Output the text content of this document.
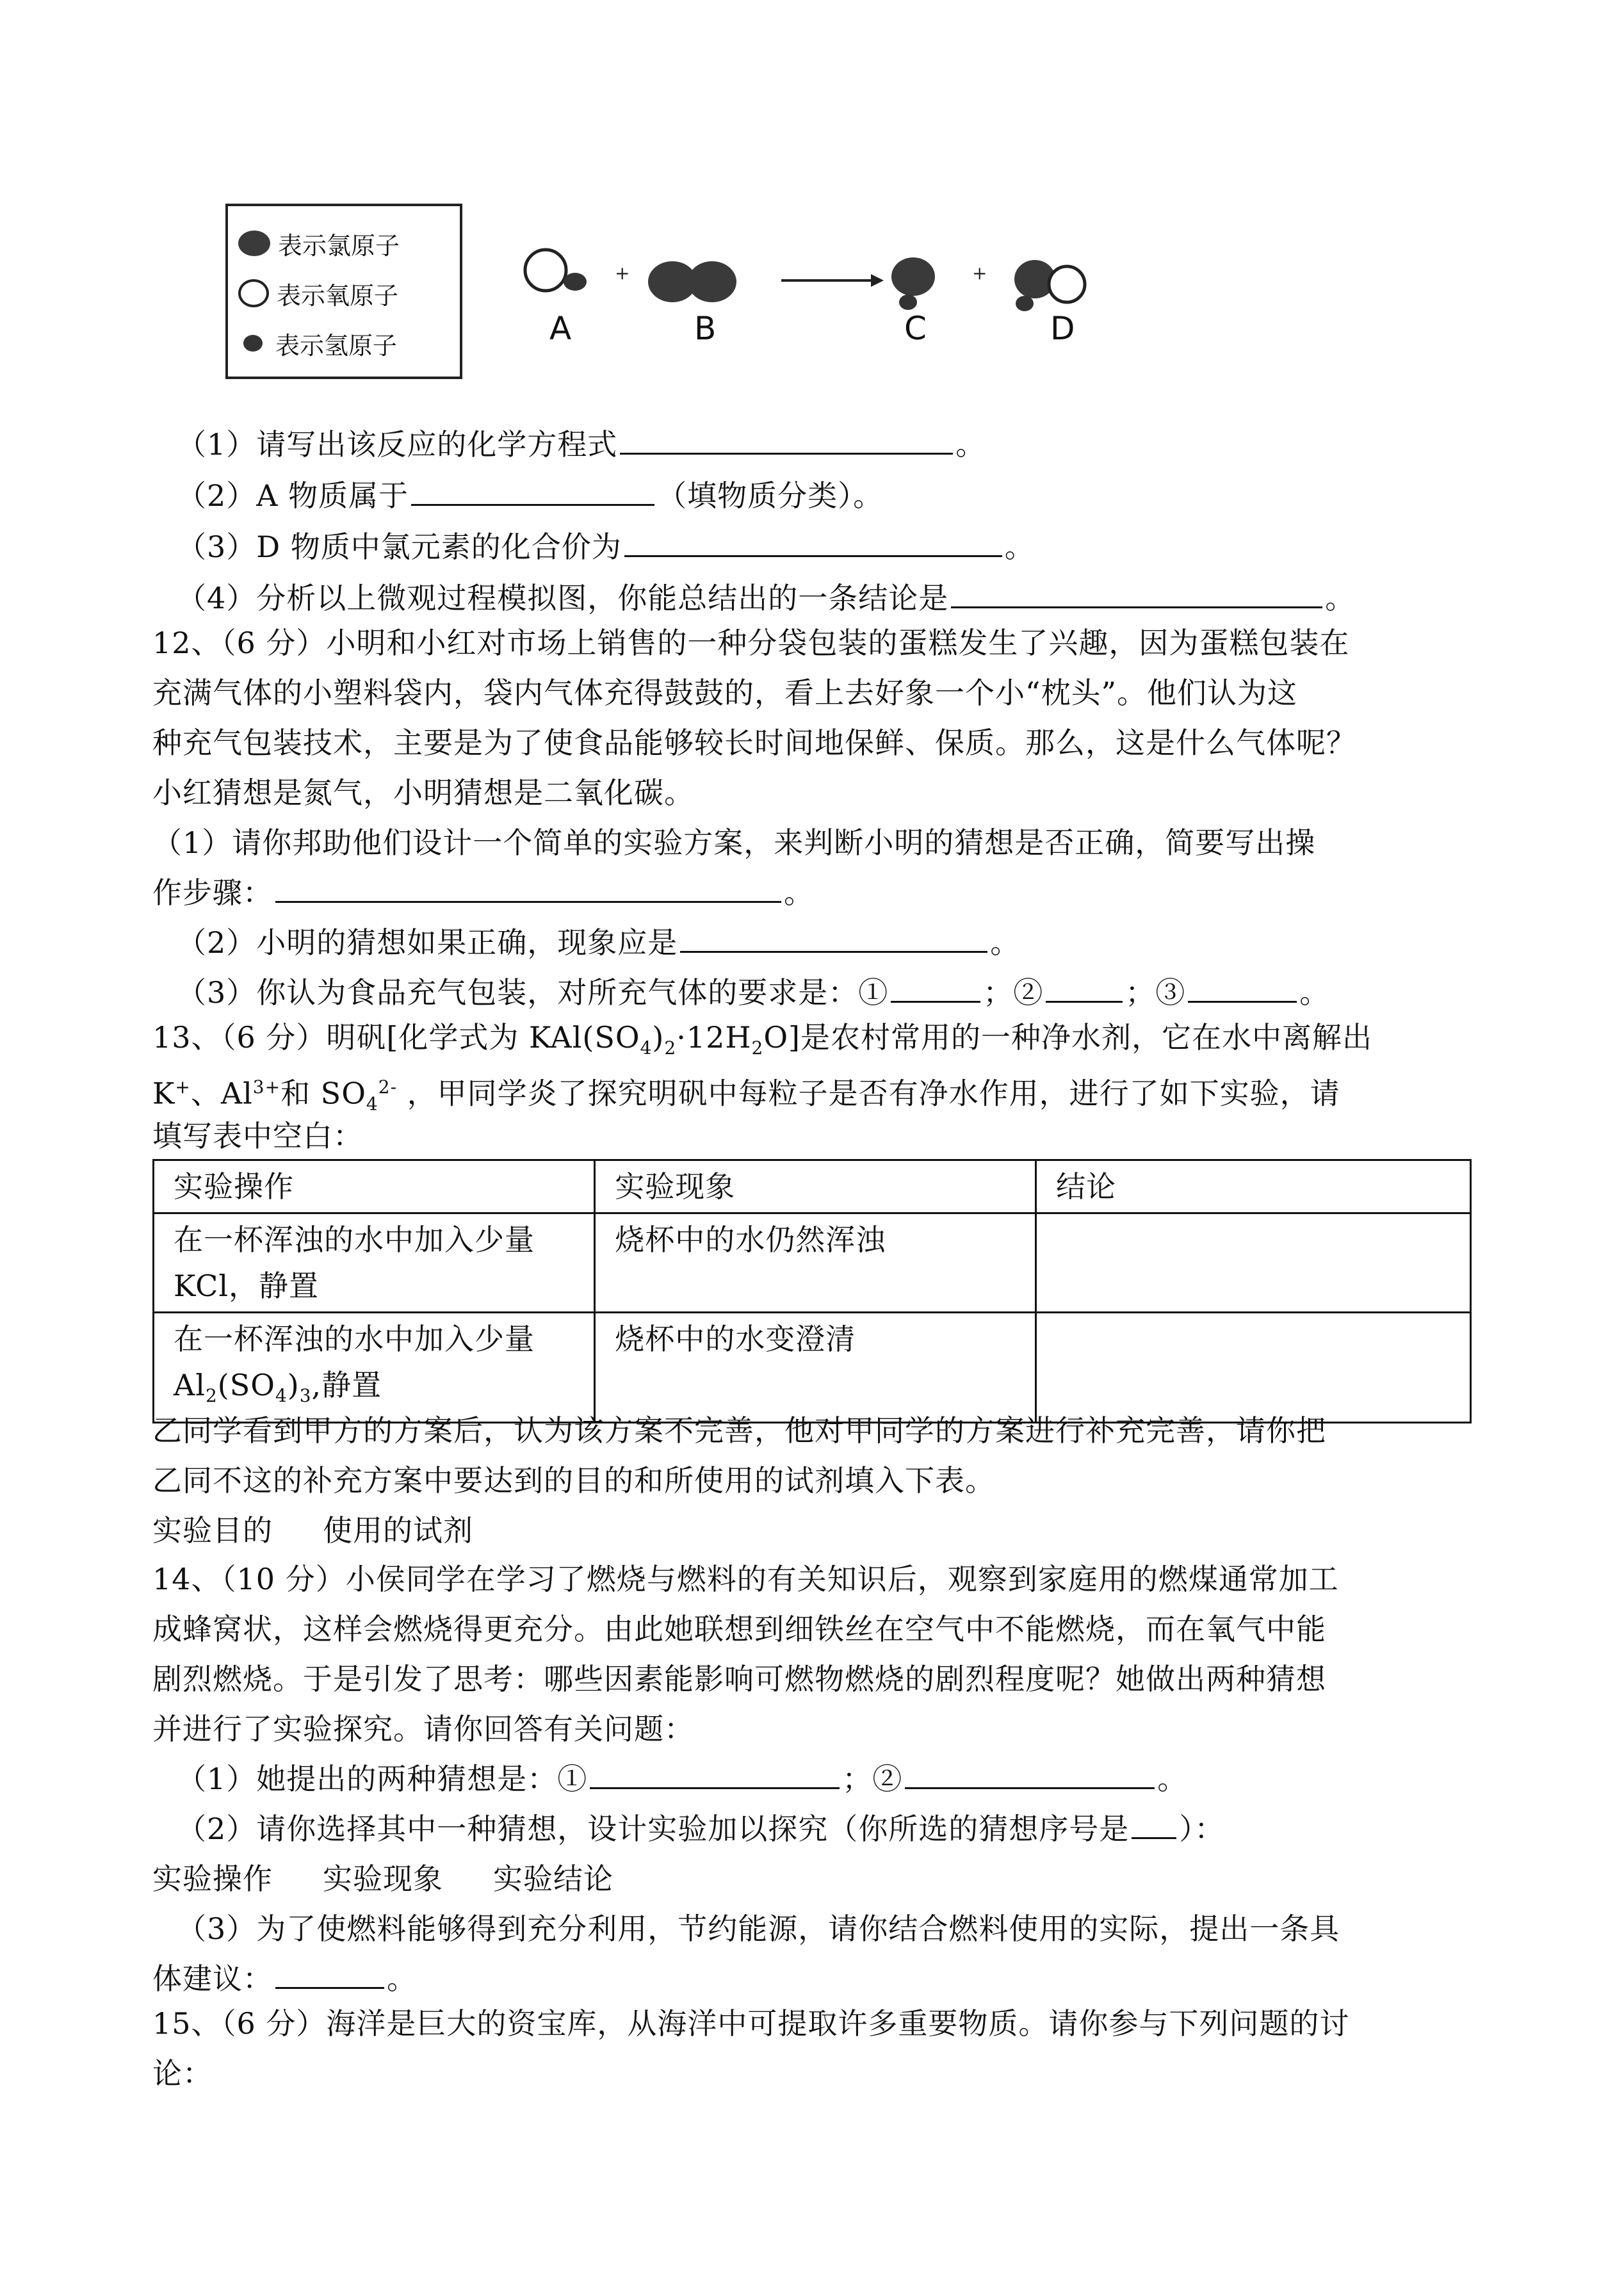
表示氯原子
表示氧原子
表示氢原子
+	+
A	B	C	D
（1）请写出该反应的化学方程式	。
（2）A 物质属于	（填物质分类）。
（3）D 物质中氯元素的化合价为	。
（4）分析以上微观过程模拟图，你能总结出的一条结论是	。
12、（6 分）小明和小红对市场上销售的一种分袋包装的蛋糕发生了兴趣，因为蛋糕包装在
充满气体的小塑料袋内，袋内气体充得鼓鼓的，看上去好象一个小“枕头”。他们认为这
种充气包装技术，主要是为了使食品能够较长时间地保鲜、保质。那么，这是什么气体呢？
小红猜想是氮气，小明猜想是二氧化碳。
（1）请你邦助他们设计一个简单的实验方案，来判断小明的猜想是否正确，简要写出操
作步骤：	。
（2）小明的猜想如果正确，现象应是	。
（3）你认为食品充气包装，对所充气体的要求是：①	；②	；③	。
13、（6 分）明矾[化学式为 $KAl(SO_4)_2\cdot 12H_2O$]是农村常用的一种净水剂，它在水中离解出
K+、$Al^{3+}$和 $SO_4^{2-}$ ，甲同学炎了探究明矾中每粒子是否有净水作用，进行了如下实验，请
填写表中空白：
实验操作	实验现象	结论
在一杯浑浊的水中加入少量
KCl，静置	烧杯中的水仍然浑浊	
在一杯浑浊的水中加入少量
$Al_2(SO_4)_3$,静置	烧杯中的水变澄清	
乙同学看到甲方的方案后，认为该方案不完善，他对甲同学的方案进行补充完善，请你把
乙同不这的补充方案中要达到的目的和所使用的试剂填入下表。
实验目的 使用的试剂
14、（10 分）小侯同学在学习了燃烧与燃料的有关知识后，观察到家庭用的燃煤通常加工
成蜂窝状，这样会燃烧得更充分。由此她联想到细铁丝在空气中不能燃烧，而在氧气中能
剧烈燃烧。于是引发了思考：哪些因素能影响可燃物燃烧的剧烈程度呢？她做出两种猜想
并进行了实验探究。请你回答有关问题：
（1）她提出的两种猜想是：①	；②	。
（2）请你选择其中一种猜想，设计实验加以探究（你所选的猜想序号是 ）：
实验操作 实验现象 实验结论
（3）为了使燃料能够得到充分利用，节约能源，请你结合燃料使用的实际，提出一条具
体建议：	。
15、（6 分）海洋是巨大的资宝库，从海洋中可提取许多重要物质。请你参与下列问题的讨
论：
